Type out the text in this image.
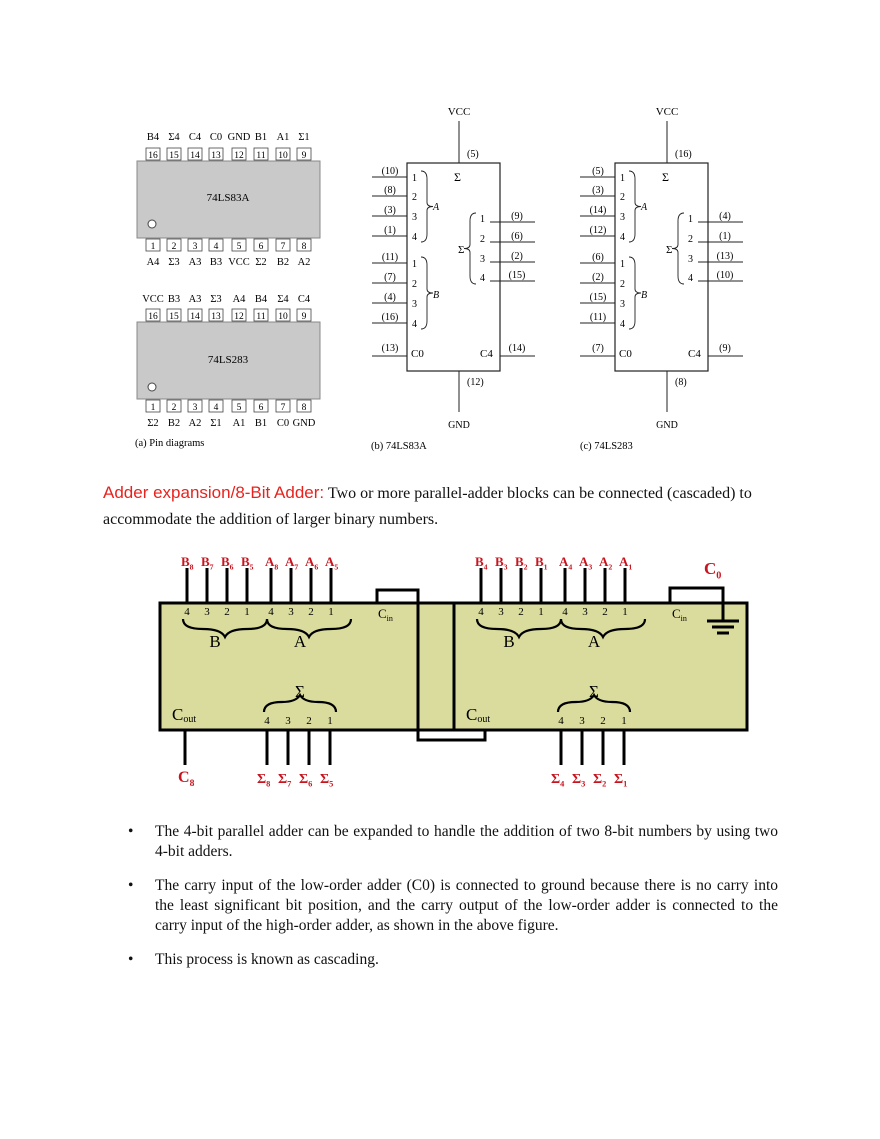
B4 Σ4 C4 C0 GND B1 A1 Σ1
16 15 14 13 12 11 10 9
74LS83A
1 2 3 4 5 6 7 8
A4 Σ3 A3 B3 VCC Σ2 B2 A2
VCC B3 A3 Σ3 A4 B4 Σ4 C4
16 15 14 13 12 11 10 9
74LS283
1 2 3 4 5 6 7 8
Σ2 B2 A2 Σ1 A1 B1 C0 GND
(a) Pin diagrams
VCC
(5)
Σ
(10)
1
(8)
2
(3)
3
(1)
4
A
(11)
1
(7)
2
(4)
3
(16)
4
B
(9)
1
(6)
2
(2)
3
(15)
4
Σ
(13) C0	C4 (14)
(12)
GND
(b) 74LS83A
VCC
(16)
Σ
(5)
1
(3)
2
(14)
3
(12)
4
A
(6)
1
(2)
2
(15)
3
(11)
4
B
(4)
1
(1)
2
(13)
3
(10)
4
Σ
(7) C0	C4 (9)
(8)
GND
(c) 74LS283
Adder expansion/8-Bit Adder: Two or more parallel-adder blocks can be connected (cascaded) to accommodate the addition of larger binary numbers.
$B_8$ $B_7$ $B_6$ $B_5$ $A_8$ $A_7$ $A_6$ $A_5$
4	4
3	3
2	2
1	1
B	A
$C_{in}$
Σ
4
$\Sigma_8$
3
$\Sigma_7$
2
$\Sigma_6$
1
$\Sigma_5$
Cout
$B_4$ $B_3$ $B_2$ $B_1$ $A_4$ $A_3$ $A_2$ $A_1$
4	4
3	3
2	2
1	1
B	A
$C_{in}$
Σ
4
$\Sigma_4$
3
$\Sigma_3$
2
$\Sigma_2$
1
$\Sigma_1$
Cout
$C_8$
$C_0$
• The 4-bit parallel adder can be expanded to handle the addition of two 8-bit numbers by using two 4-bit adders.
• The carry input of the low-order adder (C0) is connected to ground because there is no carry into the least significant bit position, and the carry output of the low-order adder is connected to the carry input of the high-order adder, as shown in the above figure.
• This process is known as cascading.
